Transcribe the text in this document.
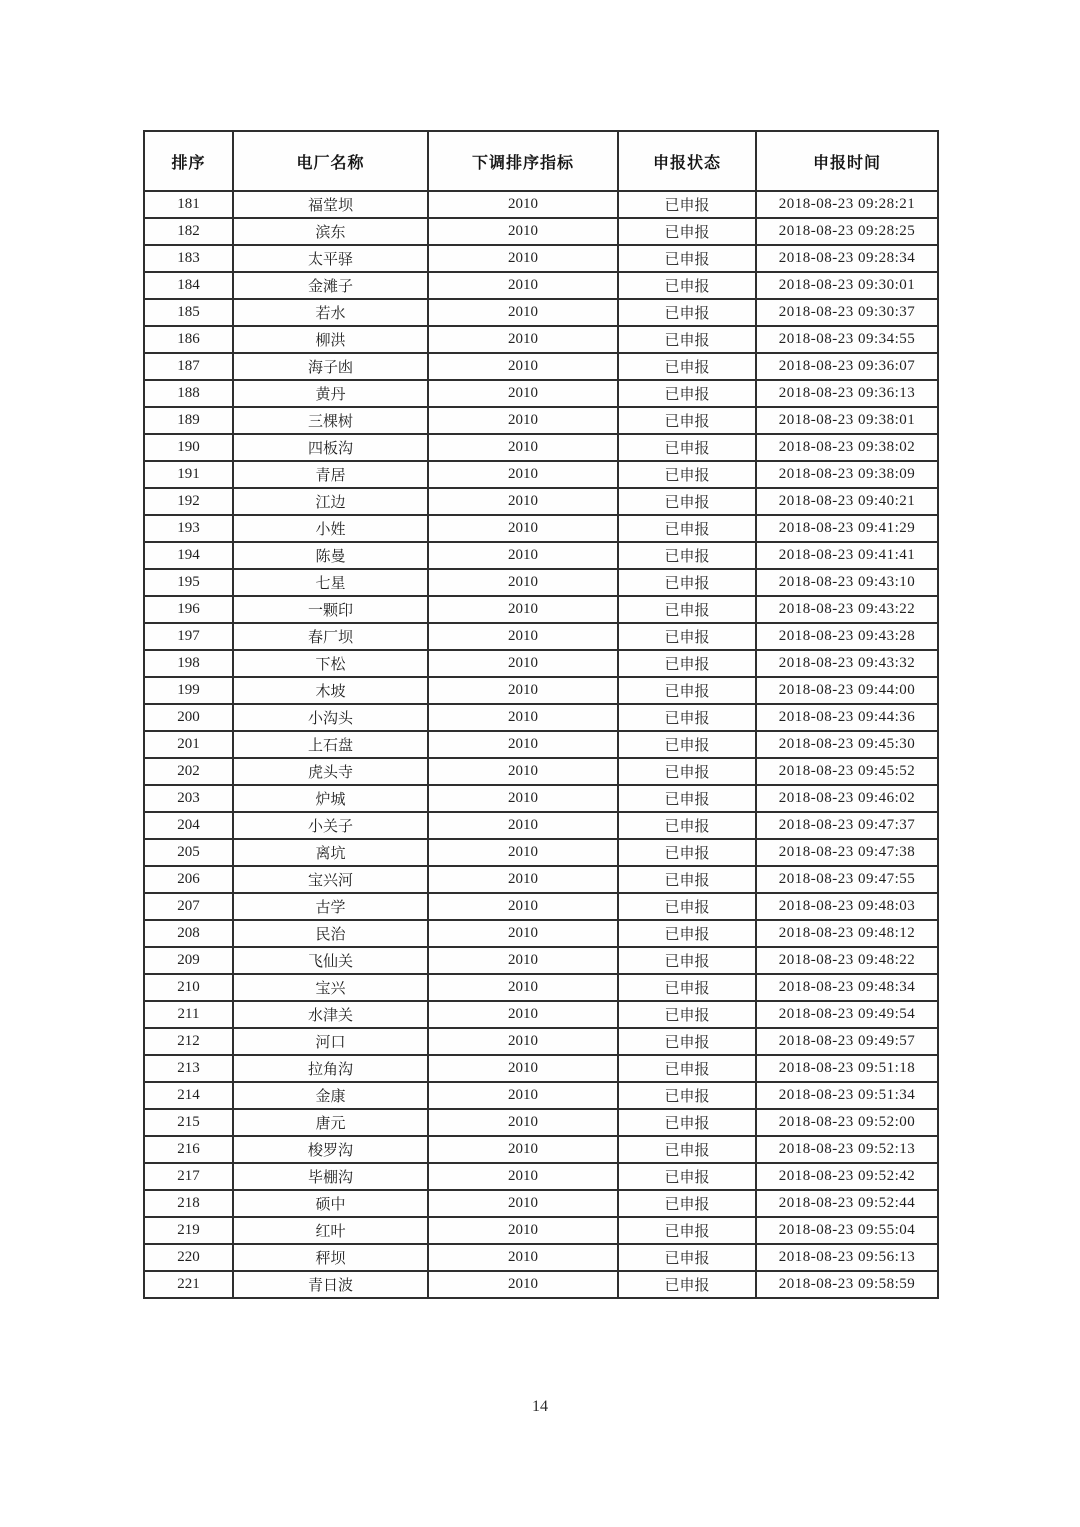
排序	电厂名称	下调排序指标	申报状态	申报时间
181	福堂坝	2010	已申报	2018-08-23 09:28:21
182	滨东	2010	已申报	2018-08-23 09:28:25
183	太平驿	2010	已申报	2018-08-23 09:28:34
184	金滩子	2010	已申报	2018-08-23 09:30:01
185	若水	2010	已申报	2018-08-23 09:30:37
186	柳洪	2010	已申报	2018-08-23 09:34:55
187	海子凼	2010	已申报	2018-08-23 09:36:07
188	黄丹	2010	已申报	2018-08-23 09:36:13
189	三棵树	2010	已申报	2018-08-23 09:38:01
190	四板沟	2010	已申报	2018-08-23 09:38:02
191	青居	2010	已申报	2018-08-23 09:38:09
192	江边	2010	已申报	2018-08-23 09:40:21
193	小姓	2010	已申报	2018-08-23 09:41:29
194	陈曼	2010	已申报	2018-08-23 09:41:41
195	七星	2010	已申报	2018-08-23 09:43:10
196	一颗印	2010	已申报	2018-08-23 09:43:22
197	春厂坝	2010	已申报	2018-08-23 09:43:28
198	下松	2010	已申报	2018-08-23 09:43:32
199	木坡	2010	已申报	2018-08-23 09:44:00
200	小沟头	2010	已申报	2018-08-23 09:44:36
201	上石盘	2010	已申报	2018-08-23 09:45:30
202	虎头寺	2010	已申报	2018-08-23 09:45:52
203	炉城	2010	已申报	2018-08-23 09:46:02
204	小关子	2010	已申报	2018-08-23 09:47:37
205	离坑	2010	已申报	2018-08-23 09:47:38
206	宝兴河	2010	已申报	2018-08-23 09:47:55
207	古学	2010	已申报	2018-08-23 09:48:03
208	民治	2010	已申报	2018-08-23 09:48:12
209	飞仙关	2010	已申报	2018-08-23 09:48:22
210	宝兴	2010	已申报	2018-08-23 09:48:34
211	水津关	2010	已申报	2018-08-23 09:49:54
212	河口	2010	已申报	2018-08-23 09:49:57
213	拉角沟	2010	已申报	2018-08-23 09:51:18
214	金康	2010	已申报	2018-08-23 09:51:34
215	唐元	2010	已申报	2018-08-23 09:52:00
216	梭罗沟	2010	已申报	2018-08-23 09:52:13
217	毕棚沟	2010	已申报	2018-08-23 09:52:42
218	硕中	2010	已申报	2018-08-23 09:52:44
219	红叶	2010	已申报	2018-08-23 09:55:04
220	秤坝	2010	已申报	2018-08-23 09:56:13
221	青日波	2010	已申报	2018-08-23 09:58:59
14
